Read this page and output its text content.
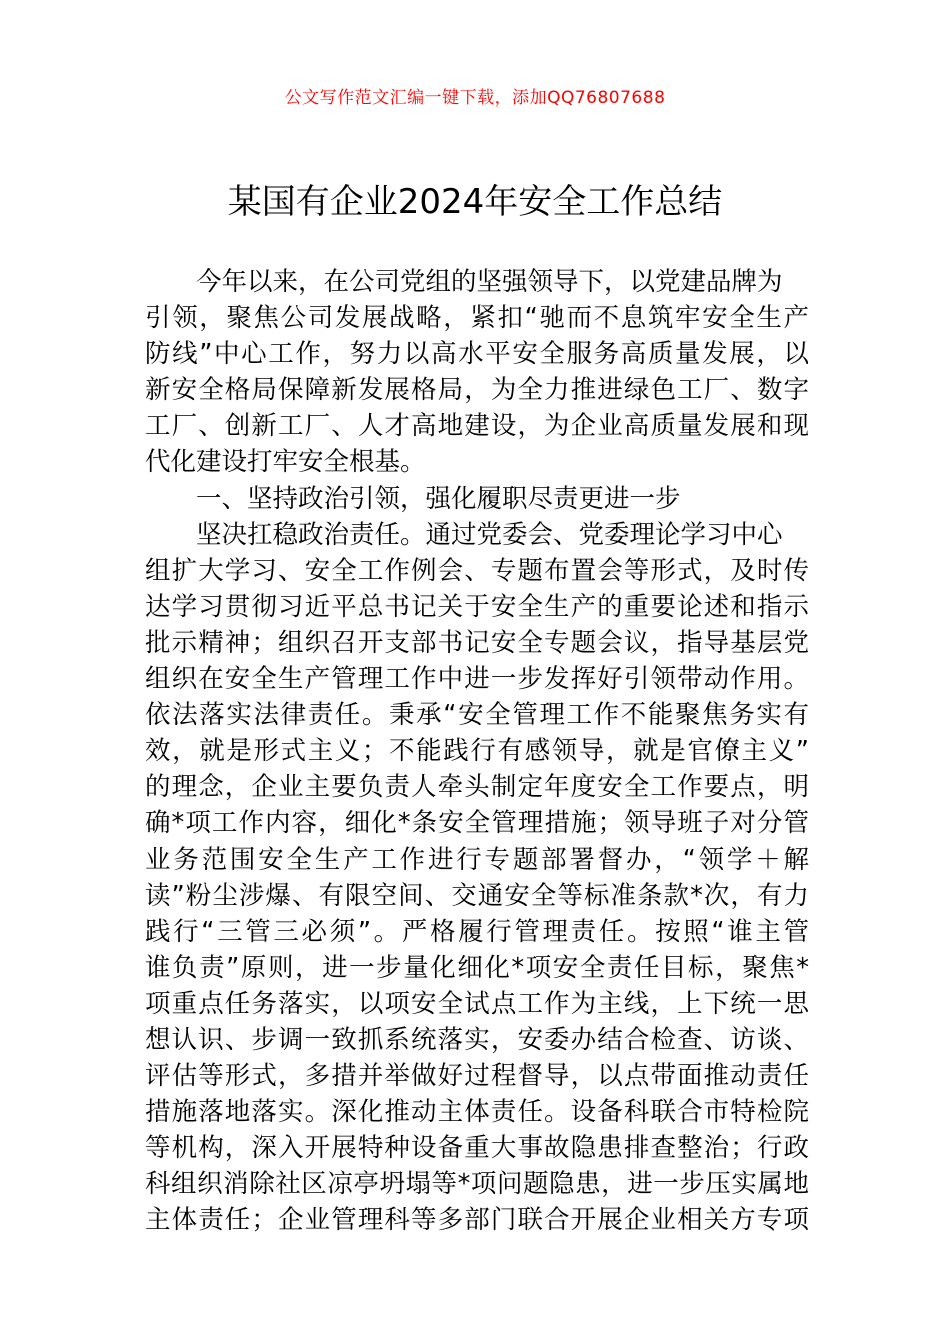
公文写作范文汇编一键下载，添加QQ76807688
某国有企业2024年安全工作总结
今年以来，在公司党组的坚强领导下，以党建品牌为
引领，聚焦公司发展战略，紧扣“驰而不息筑牢安全生产
防线”中心工作，努力以高水平安全服务高质量发展，以
新安全格局保障新发展格局，为全力推进绿色工厂、数字
工厂、创新工厂、人才高地建设，为企业高质量发展和现
代化建设打牢安全根基。
一、坚持政治引领，强化履职尽责更进一步
坚决扛稳政治责任。通过党委会、党委理论学习中心
组扩大学习、安全工作例会、专题布置会等形式，及时传
达学习贯彻习近平总书记关于安全生产的重要论述和指示
批示精神；组织召开支部书记安全专题会议，指导基层党
组织在安全生产管理工作中进一步发挥好引领带动作用。
依法落实法律责任。秉承“安全管理工作不能聚焦务实有
效，就是形式主义；不能践行有感领导，就是官僚主义”
的理念，企业主要负责人牵头制定年度安全工作要点，明
确*项工作内容，细化*条安全管理措施；领导班子对分管
业务范围安全生产工作进行专题部署督办，“领学＋解
读”粉尘涉爆、有限空间、交通安全等标准条款*次，有力
践行“三管三必须”。严格履行管理责任。按照“谁主管
谁负责”原则，进一步量化细化*项安全责任目标，聚焦*
项重点任务落实，以项安全试点工作为主线，上下统一思
想认识、步调一致抓系统落实，安委办结合检查、访谈、
评估等形式，多措并举做好过程督导，以点带面推动责任
措施落地落实。深化推动主体责任。设备科联合市特检院
等机构，深入开展特种设备重大事故隐患排查整治；行政
科组织消除社区凉亭坍塌等*项问题隐患，进一步压实属地
主体责任；企业管理科等多部门联合开展企业相关方专项
